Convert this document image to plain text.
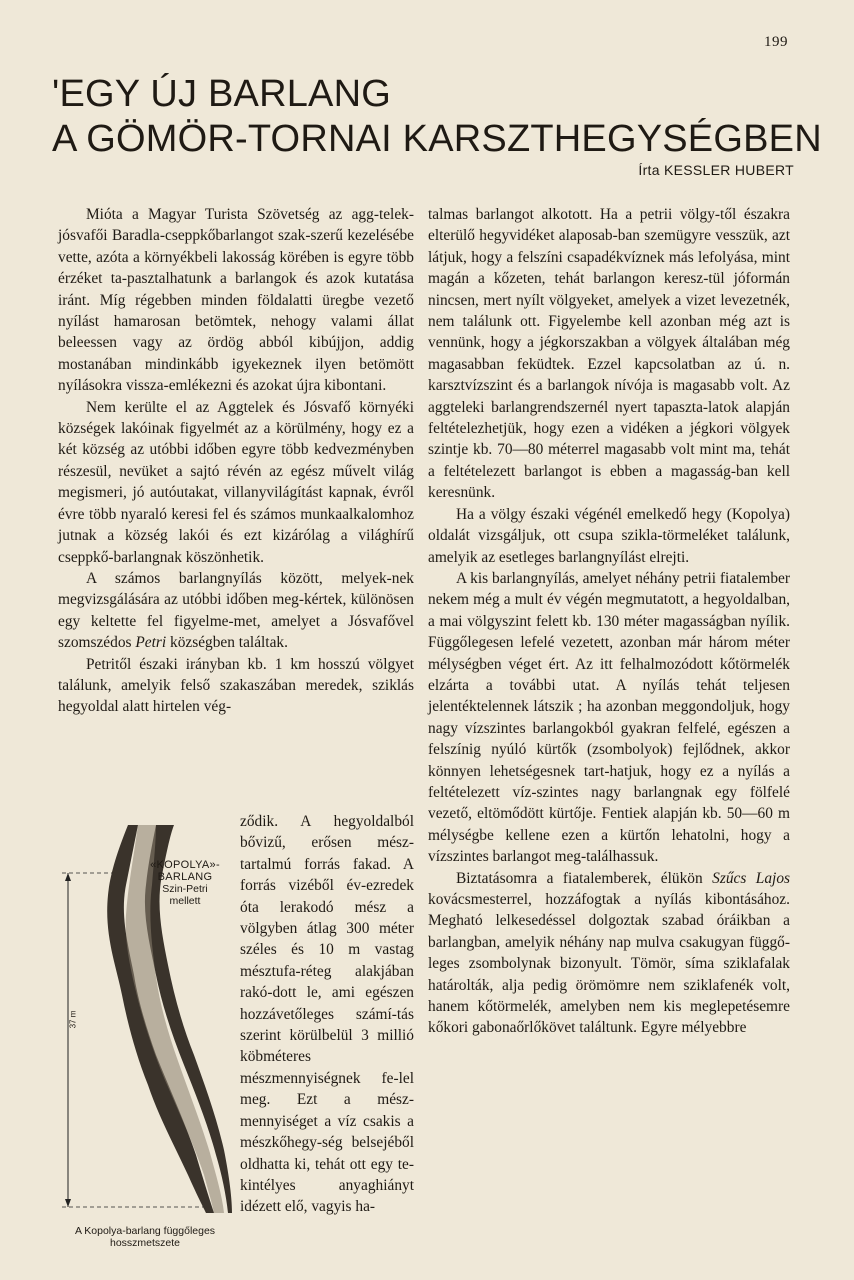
199
'EGY ÚJ BARLANG
A GÖMÖR-TORNAI KARSZTHEGYSÉGBEN
Írta KESSLER HUBERT

Mióta a Magyar Turista Szövetség az agg-telek-jósvafői Baradla-cseppkőbarlangot szak-szerű kezelésébe vette, azóta a környékbeli lakosság körében is egyre több érzéket ta-pasztalhatunk a barlangok és azok kutatása iránt. Míg régebben minden földalatti üregbe vezető nyílást hamarosan betömtek, nehogy valami állat beleessen vagy az ördög abból kibújjon, addig mostanában mindinkább igyekeznek ilyen betömött nyílásokra vissza-emlékezni és azokat újra kibontani.

Nem kerülte el az Aggtelek és Jósvafő környéki községek lakóinak figyelmét az a körülmény, hogy ez a két község az utóbbi időben egyre több kedvezményben részesül, nevüket a sajtó révén az egész művelt világ megismeri, jó autóutakat, villanyvilágítást kapnak, évről évre több nyaraló keresi fel és számos munkaalkalomhoz jutnak a község lakói és ezt kizárólag a világhírű cseppkő-barlangnak köszönhetik.

A számos barlangnyílás között, melyek-nek megvizsgálására az utóbbi időben meg-kértek, különösen egy keltette fel figyelme-met, amelyet a Jósvafővel szomszédos Petri községben találtak.

Petritől északi irányban kb. 1 km hosszú völgyet találunk, amelyik felső szakaszában meredek, sziklás hegyoldal alatt hirtelen vég-

37 m
«KOPOLYA»-
BARLANG
Szin-Petri
mellett
A Kopolya-barlang függőleges hosszmetszete

ződik. A hegyoldalból bővizű, erősen mész-tartalmú forrás fakad. A forrás vizéből év-ezredek óta lerakodó mész a völgyben átlag 300 méter széles és 10 m vastag mésztufa-réteg alakjában rakó-dott le, ami egészen hozzávetőleges számí-tás szerint körülbelül 3 millió köbméteres mészmennyiségnek fe-lel meg. Ezt a mész-mennyiséget a víz csakis a mészkőhegy-ség belsejéből oldhatta ki, tehát ott egy te-kintélyes anyaghiányt idézett elő, vagyis ha-

talmas barlangot alkotott. Ha a petrii völgy-től északra elterülő hegyvidéket alaposab-ban szemügyre vesszük, azt látjuk, hogy a felszíni csapadékvíznek más lefolyása, mint magán a kőzeten, tehát barlangon keresz-tül jóformán nincsen, mert nyílt völgyeket, amelyek a vizet levezetnék, nem találunk ott. Figyelembe kell azonban még azt is vennünk, hogy a jégkorszakban a völgyek általában még magasabban feküdtek. Ezzel kapcsolatban az ú. n. karsztvízszint és a barlangok nívója is magasabb volt. Az aggteleki barlangrendszernél nyert tapaszta-latok alapján feltételezhetjük, hogy ezen a vidéken a jégkori völgyek szintje kb. 70—80 méterrel magasabb volt mint ma, tehát a feltételezett barlangot is ebben a magasság-ban kell keresnünk.

Ha a völgy északi végénél emelkedő hegy (Kopolya) oldalát vizsgáljuk, ott csupa szikla-törmeléket találunk, amelyik az esetleges barlangnyílást elrejti.

A kis barlangnyílás, amelyet néhány petrii fiatalember nekem még a mult év végén megmutatott, a hegyoldalban, a mai völgyszint felett kb. 130 méter magasságban nyílik. Függőlegesen lefelé vezetett, azonban már három méter mélységben véget ért. Az itt felhalmozódott kőtörmelék elzárta a további utat. A nyílás tehát teljesen jelentéktelennek látszik ; ha azonban meggondoljuk, hogy nagy vízszintes barlangokból gyakran felfelé, egészen a felszínig nyúló kürtők (zsombolyok) fejlődnek, akkor könnyen lehetségesnek tart-hatjuk, hogy ez a nyílás a feltételezett víz-szintes nagy barlangnak egy fölfelé vezető, eltömődött kürtője. Fentiek alapján kb. 50—60 m mélységbe kellene ezen a kürtőn lehatolni, hogy a vízszintes barlangot meg-találhassuk.

Biztatásomra a fiatalemberek, élükön Szűcs Lajos kovácsmesterrel, hozzáfogtak a nyílás kibontásához. Megható lelkesedéssel dolgoztak szabad óráikban a barlangban, amelyik néhány nap mulva csakugyan függő-leges zsombolynak bizonyult. Tömör, síma sziklafalak határolták, alja pedig örömömre nem sziklafenék volt, hanem kőtörmelék, amelyben nem kis meglepetésemre kőkori gabonaőrlőkövet találtunk. Egyre mélyebbre
